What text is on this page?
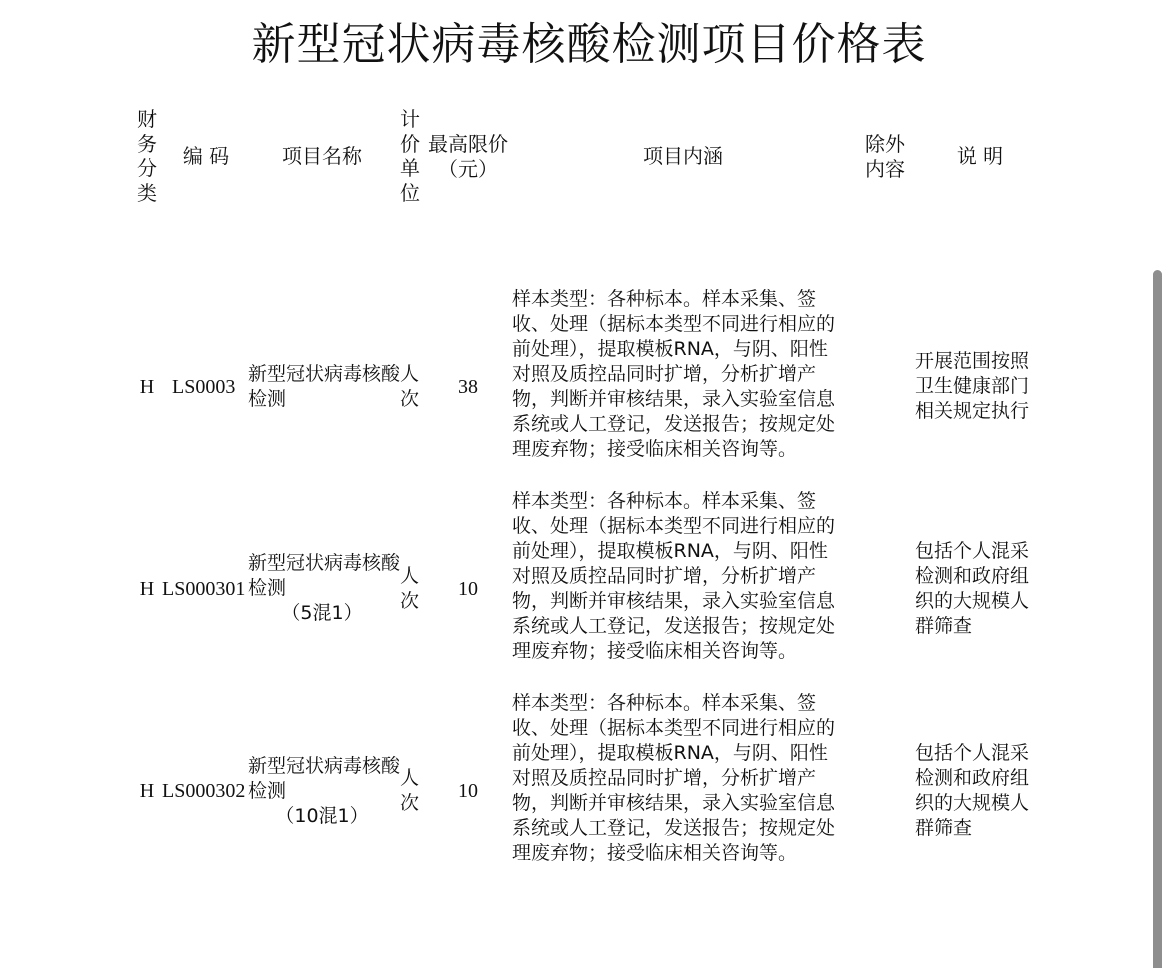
新型冠状病毒核酸检测项目价格表
财务分类
编 码	项目名称
计价单位
最高限价
（元）
项目内涵	除外
内容
说 明
H LS0003
新型冠状病毒核酸检测
人次
38
样本类型：各种标本。样本采集、签收、处理（据标本类型不同进行相应的前处理），提取模板RNA，与阴、阳性对照及质控品同时扩增，分析扩增产物，判断并审核结果，录入实验室信息系统或人工登记，发送报告；按规定处理废弃物；接受临床相关咨询等。
开展范围按照卫生健康部门相关规定执行
H LS000301
新型冠状病毒核酸检测
（5混1）
人次
10
样本类型：各种标本。样本采集、签收、处理（据标本类型不同进行相应的前处理），提取模板RNA，与阴、阳性对照及质控品同时扩增，分析扩增产物，判断并审核结果，录入实验室信息系统或人工登记，发送报告；按规定处理废弃物；接受临床相关咨询等。
包括个人混采检测和政府组织的大规模人群筛查
H LS000302
新型冠状病毒核酸检测
（10混1）
人次
10
样本类型：各种标本。样本采集、签收、处理（据标本类型不同进行相应的前处理），提取模板RNA，与阴、阳性对照及质控品同时扩增，分析扩增产物，判断并审核结果，录入实验室信息系统或人工登记，发送报告；按规定处理废弃物；接受临床相关咨询等。
包括个人混采检测和政府组织的大规模人群筛查
